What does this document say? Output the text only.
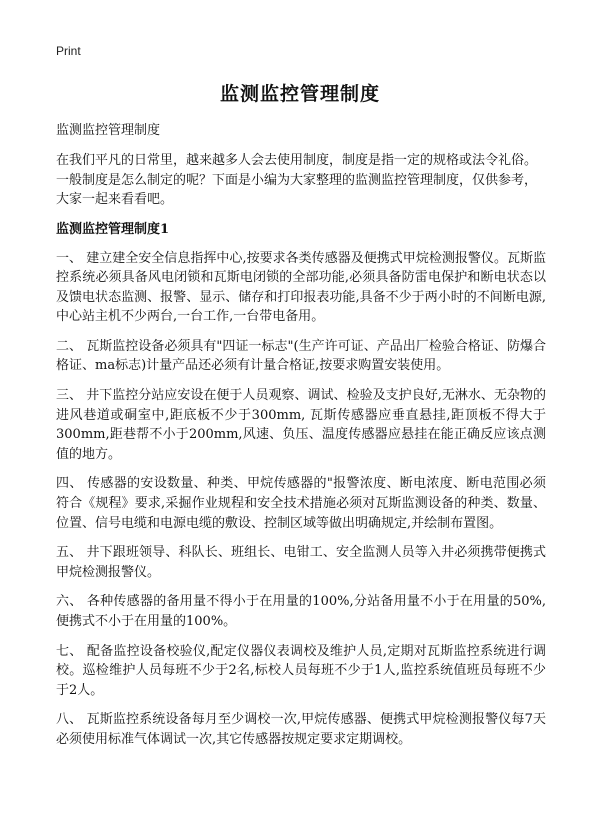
Print
监测监控管理制度

监测监控管理制度

在我们平凡的日常里，越来越多人会去使用制度，制度是指一定的规格或法令礼俗。一般制度是怎么制定的呢？下面是小编为大家整理的监测监控管理制度，仅供参考，大家一起来看看吧。

监测监控管理制度1

一、 建立建全安全信息指挥中心,按要求各类传感器及便携式甲烷检测报警仪。瓦斯监控系统必须具备风电闭锁和瓦斯电闭锁的全部功能,必须具备防雷电保护和断电状态以及馈电状态监测、报警、显示、储存和打印报表功能,具备不少于两小时的不间断电源,中心站主机不少两台,一台工作,一台带电备用。

二、 瓦斯监控设备必须具有"四证一标志"(生产许可证、产品出厂检验合格证、防爆合格证、ma标志)计量产品还必须有计量合格证,按要求购置安装使用。

三、 井下监控分站应安设在便于人员观察、调试、检验及支护良好,无淋水、无杂物的进风巷道或硐室中,距底板不少于300mm, 瓦斯传感器应垂直悬挂,距顶板不得大于300mm,距巷帮不小于200mm,风速、负压、温度传感器应悬挂在能正确反应该点测值的地方。

四、 传感器的安设数量、种类、甲烷传感器的"报警浓度、断电浓度、断电范围必须符合《规程》要求,采掘作业规程和安全技术措施必须对瓦斯监测设备的种类、数量、位置、信号电缆和电源电缆的敷设、控制区域等做出明确规定,并绘制布置图。

五、 井下跟班领导、科队长、班组长、电钳工、安全监测人员等入井必须携带便携式甲烷检测报警仪。

六、 各种传感器的备用量不得小于在用量的100%,分站备用量不小于在用量的50%,便携式不小于在用量的100%。

七、 配备监控设备校验仪,配定仪器仪表调校及维护人员,定期对瓦斯监控系统进行调校。巡检维护人员每班不少于2名,标校人员每班不少于1人,监控系统值班员每班不少于2人。

八、 瓦斯监控系统设备每月至少调校一次,甲烷传感器、便携式甲烷检测报警仪每7天必须使用标准气体调试一次,其它传感器按规定要求定期调校。
